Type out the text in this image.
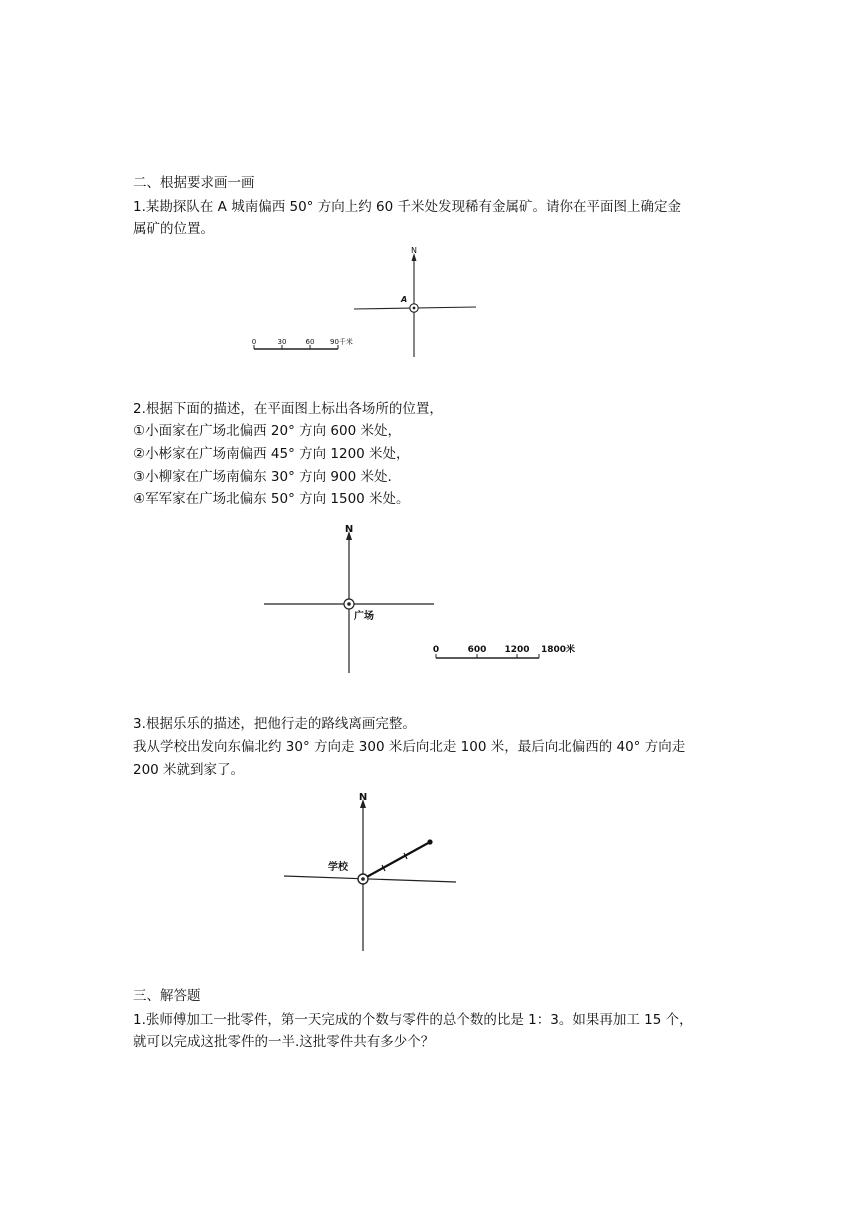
二、根据要求画一画

1.某勘探队在 A 城南偏西 50° 方向上约 60 千米处发现稀有金属矿。请你在平面图上确定金

属矿的位置。

N
A
0	30	60 90千米

2.根据下面的描述，在平面图上标出各场所的位置，

①小面家在广场北偏西 20° 方向 600 米处，

②小彬家在广场南偏西 45° 方向 1200 米处，

③小柳家在广场南偏东 30° 方向 900 米处.

④军军家在广场北偏东 50° 方向 1500 米处。

N
广场
0	600 1200 1800米

3.根据乐乐的描述，把他行走的路线离画完整。

我从学校出发向东偏北约 30° 方向走 300 米后向北走 100 米，最后向北偏西的 40° 方向走

200 米就到家了。

N
学校

三、解答题

1.张师傅加工一批零件，第一天完成的个数与零件的总个数的比是 1：3。如果再加工 15 个，

就可以完成这批零件的一半.这批零件共有多少个？
